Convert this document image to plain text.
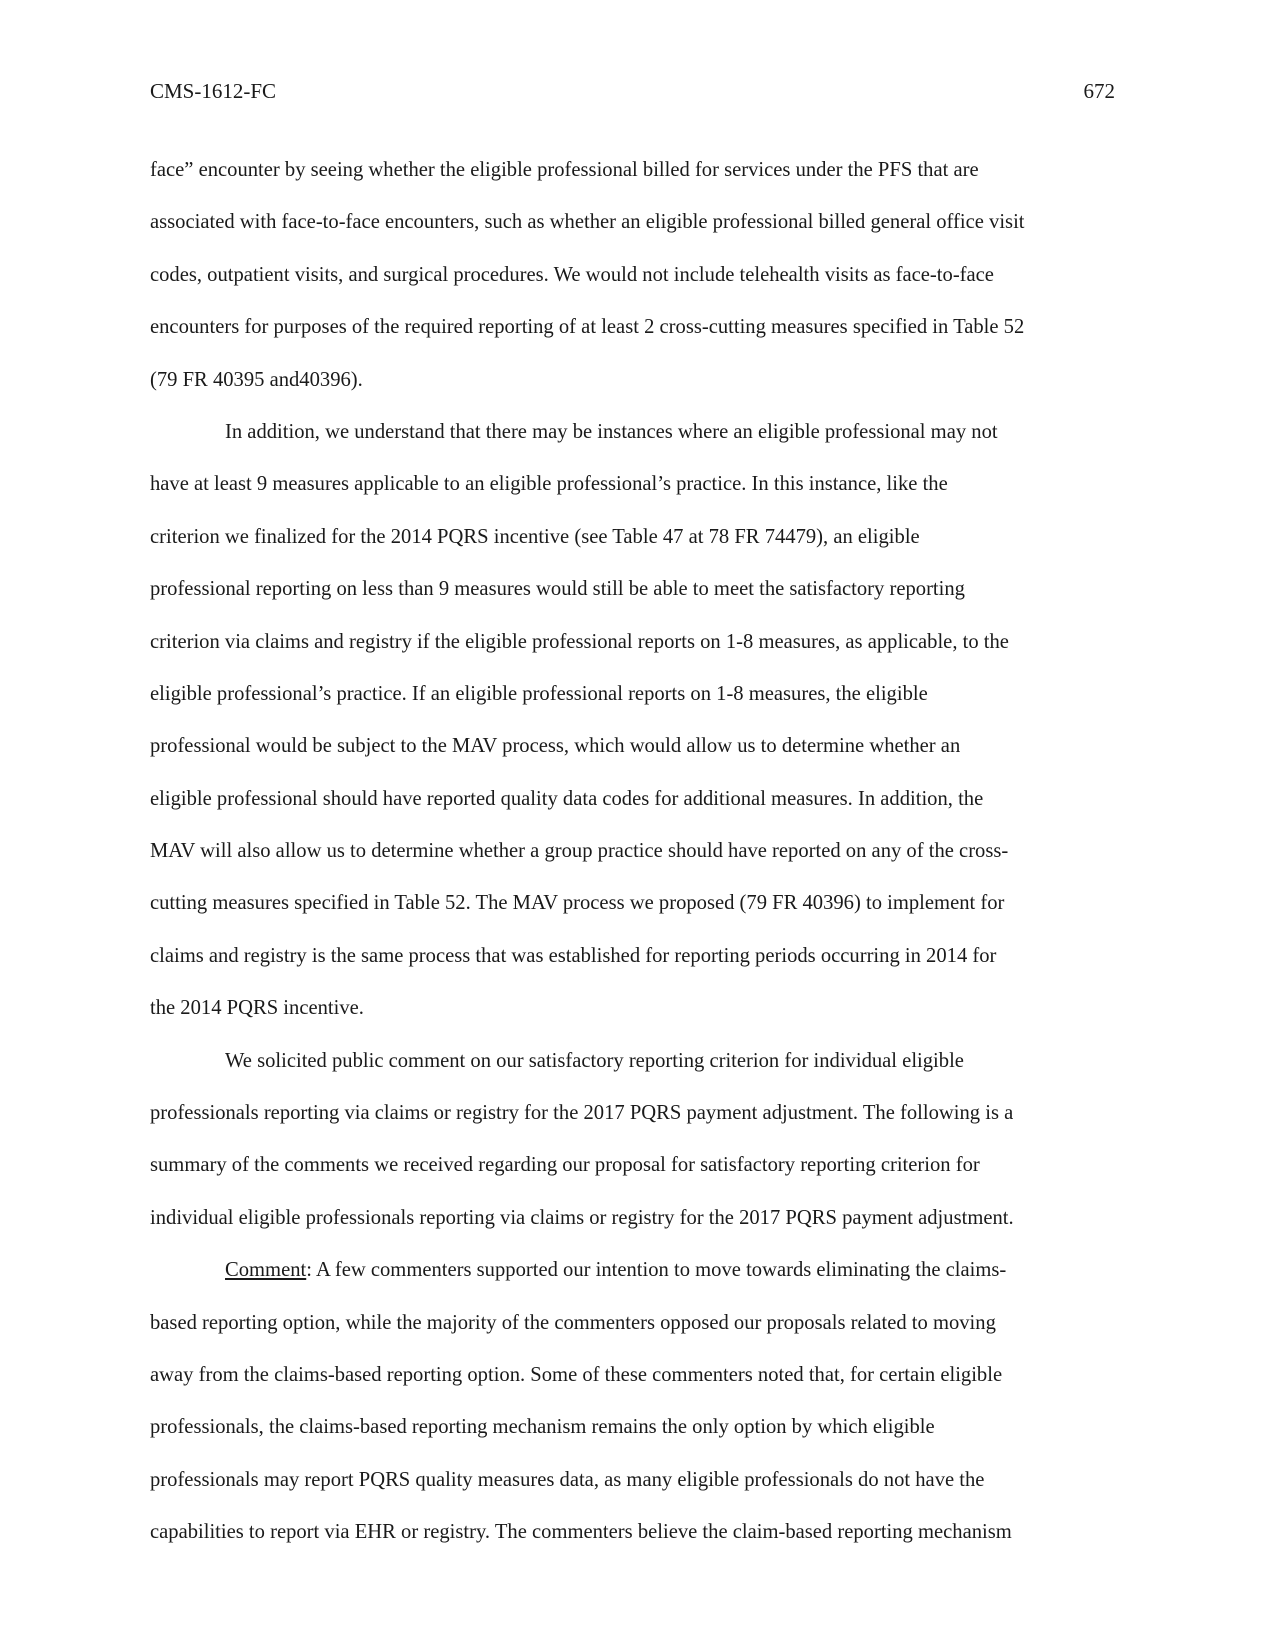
CMS-1612-FC	672
face” encounter by seeing whether the eligible professional billed for services under the PFS that are
associated with face-to-face encounters, such as whether an eligible professional billed general office visit
codes, outpatient visits, and surgical procedures. We would not include telehealth visits as face-to-face
encounters for purposes of the required reporting of at least 2 cross-cutting measures specified in Table 52
(79 FR 40395 and40396).
In addition, we understand that there may be instances where an eligible professional may not
have at least 9 measures applicable to an eligible professional’s practice. In this instance, like the
criterion we finalized for the 2014 PQRS incentive (see Table 47 at 78 FR 74479), an eligible
professional reporting on less than 9 measures would still be able to meet the satisfactory reporting
criterion via claims and registry if the eligible professional reports on 1-8 measures, as applicable, to the
eligible professional’s practice. If an eligible professional reports on 1-8 measures, the eligible
professional would be subject to the MAV process, which would allow us to determine whether an
eligible professional should have reported quality data codes for additional measures. In addition, the
MAV will also allow us to determine whether a group practice should have reported on any of the cross-
cutting measures specified in Table 52. The MAV process we proposed (79 FR 40396) to implement for
claims and registry is the same process that was established for reporting periods occurring in 2014 for
the 2014 PQRS incentive.
We solicited public comment on our satisfactory reporting criterion for individual eligible
professionals reporting via claims or registry for the 2017 PQRS payment adjustment. The following is a
summary of the comments we received regarding our proposal for satisfactory reporting criterion for
individual eligible professionals reporting via claims or registry for the 2017 PQRS payment adjustment.
Comment: A few commenters supported our intention to move towards eliminating the claims-
based reporting option, while the majority of the commenters opposed our proposals related to moving
away from the claims-based reporting option. Some of these commenters noted that, for certain eligible
professionals, the claims-based reporting mechanism remains the only option by which eligible
professionals may report PQRS quality measures data, as many eligible professionals do not have the
capabilities to report via EHR or registry. The commenters believe the claim-based reporting mechanism
